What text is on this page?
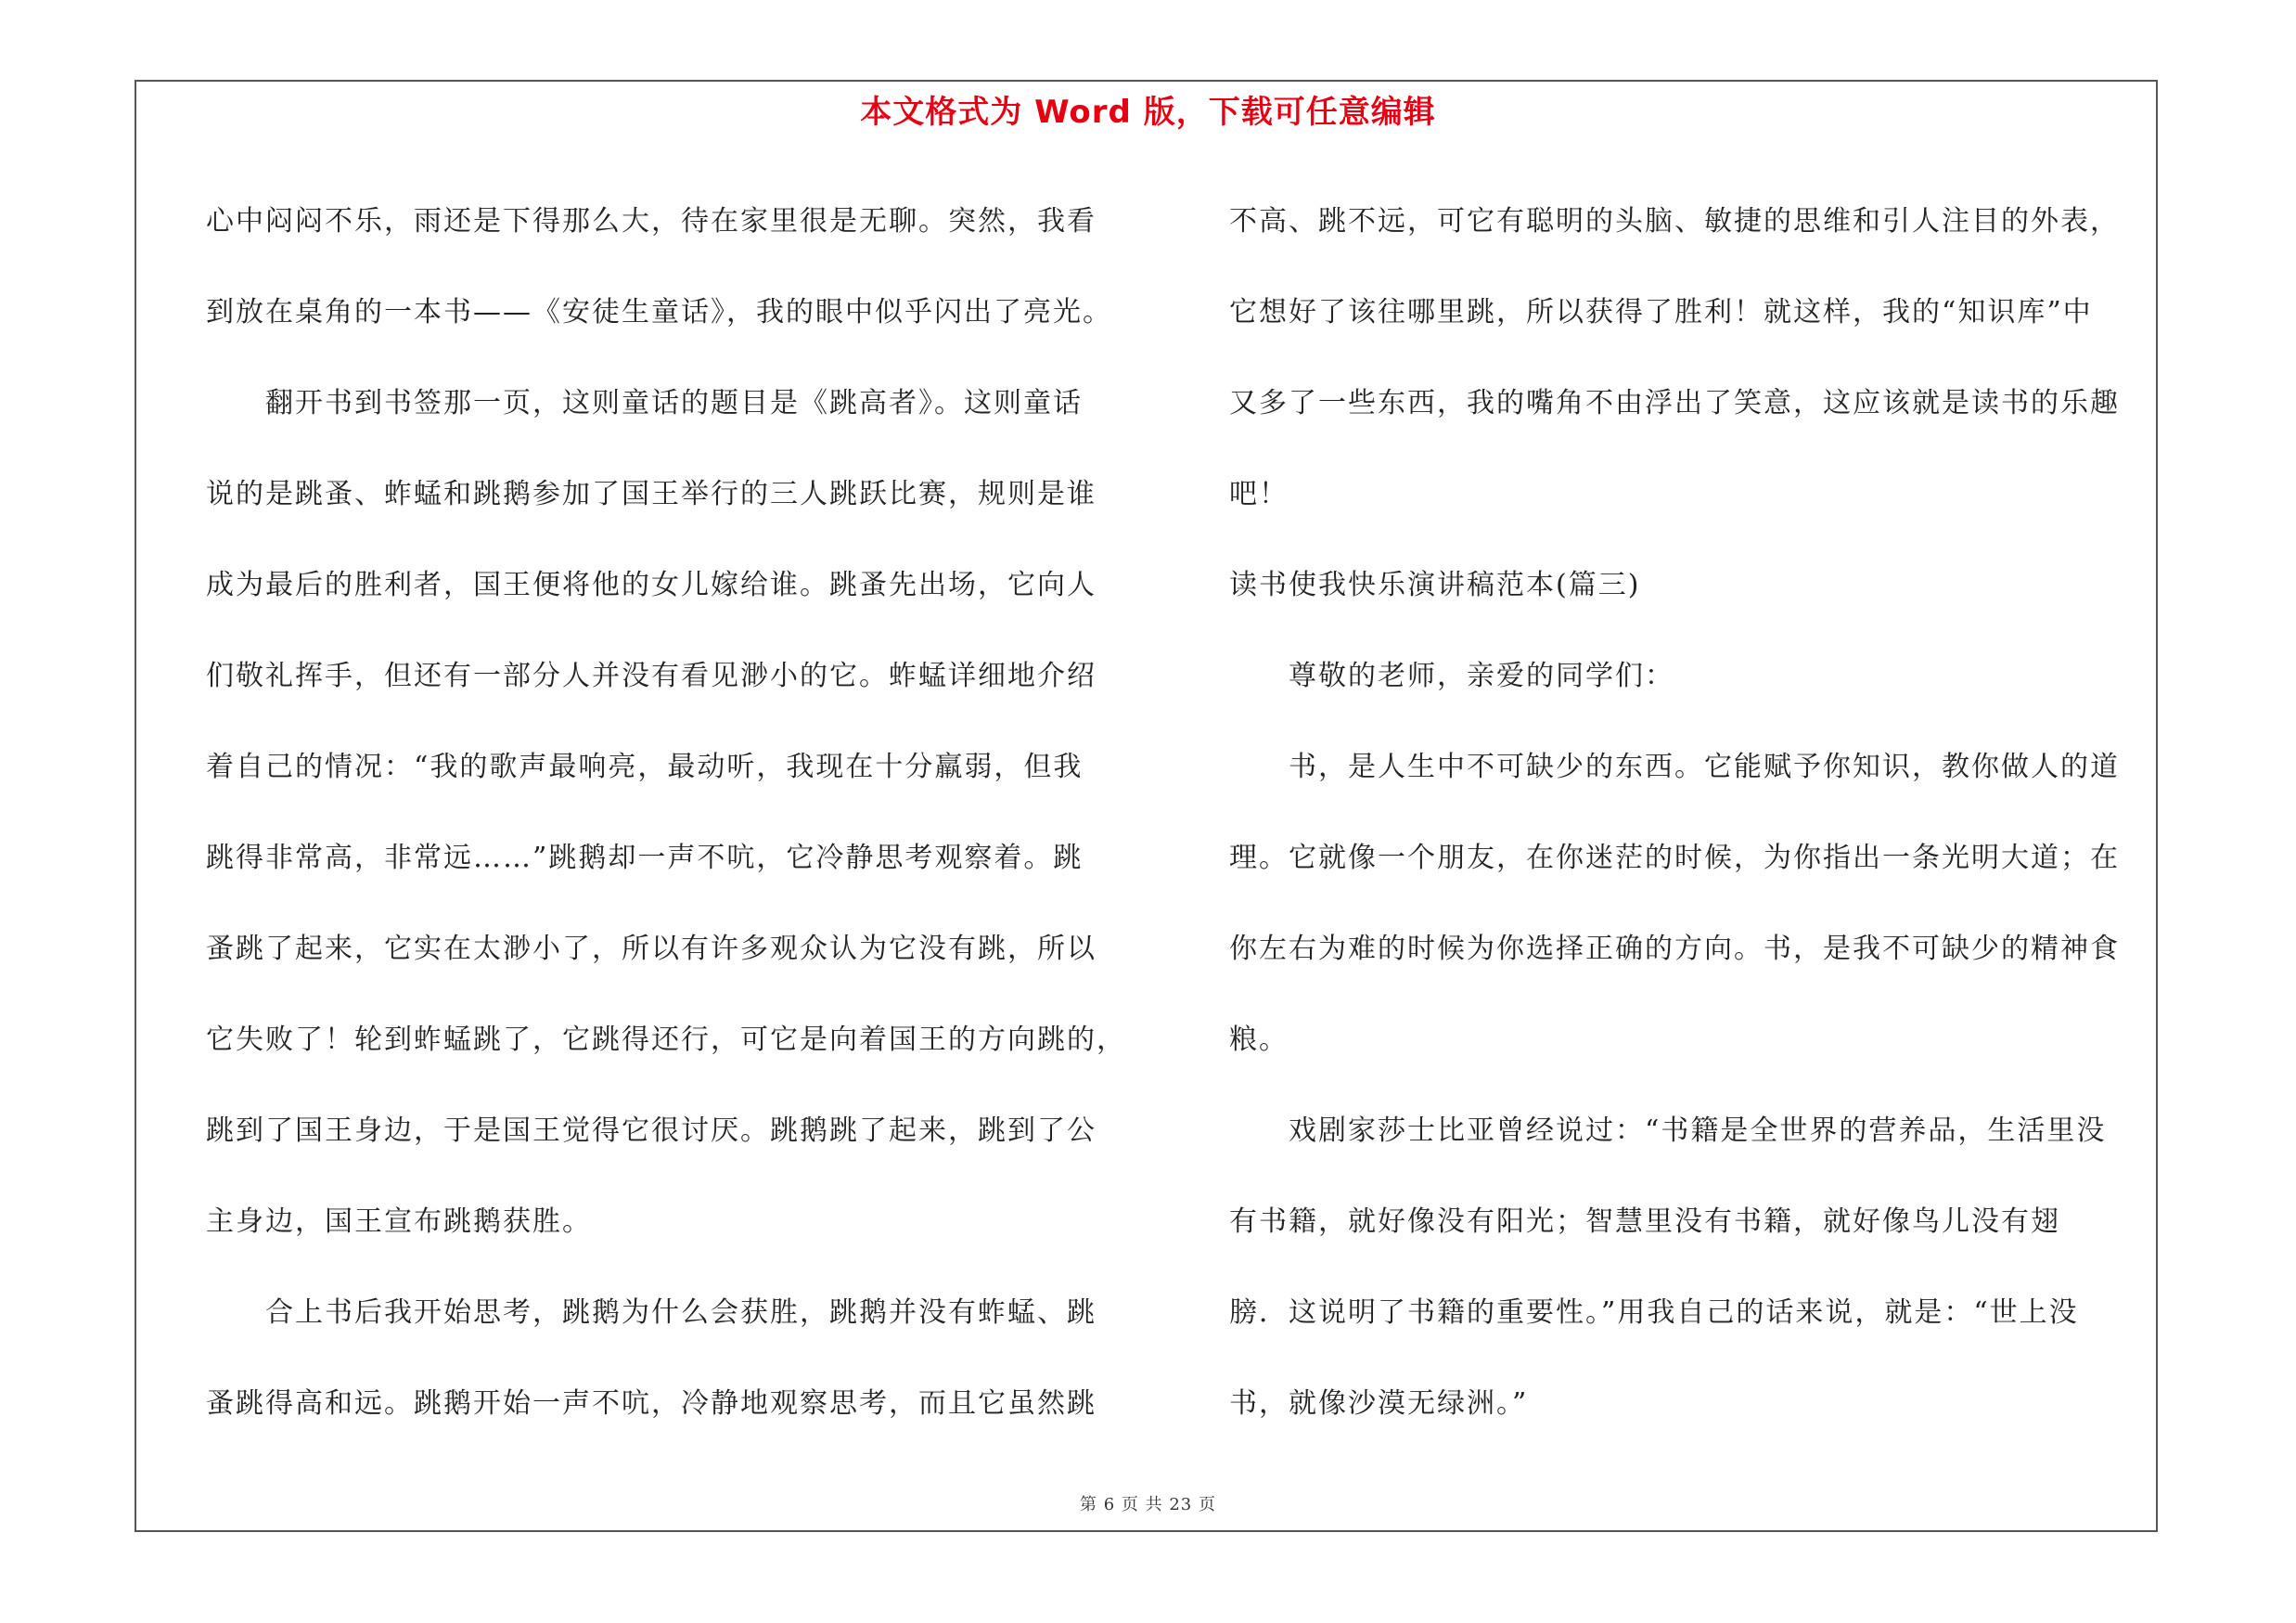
本文格式为 Word 版，下载可任意编辑
心中闷闷不乐，雨还是下得那么大，待在家里很是无聊。突然，我看
到放在桌角的一本书——《安徒生童话》，我的眼中似乎闪出了亮光。
　　翻开书到书签那一页，这则童话的题目是《跳高者》。这则童话
说的是跳蚤、蚱蜢和跳鹅参加了国王举行的三人跳跃比赛，规则是谁
成为最后的胜利者，国王便将他的女儿嫁给谁。跳蚤先出场，它向人
们敬礼挥手，但还有一部分人并没有看见渺小的它。蚱蜢详细地介绍
着自己的情况：“我的歌声最响亮，最动听，我现在十分羸弱，但我
跳得非常高，非常远……”跳鹅却一声不吭，它冷静思考观察着。跳
蚤跳了起来，它实在太渺小了，所以有许多观众认为它没有跳，所以
它失败了！轮到蚱蜢跳了，它跳得还行，可它是向着国王的方向跳的，
跳到了国王身边，于是国王觉得它很讨厌。跳鹅跳了起来，跳到了公
主身边，国王宣布跳鹅获胜。
　　合上书后我开始思考，跳鹅为什么会获胜，跳鹅并没有蚱蜢、跳
蚤跳得高和远。跳鹅开始一声不吭，冷静地观察思考，而且它虽然跳
不高、跳不远，可它有聪明的头脑、敏捷的思维和引人注目的外表，
它想好了该往哪里跳，所以获得了胜利！就这样，我的“知识库”中
又多了一些东西，我的嘴角不由浮出了笑意，这应该就是读书的乐趣
吧！
读书使我快乐演讲稿范本(篇三)
　　尊敬的老师，亲爱的同学们：
　　书，是人生中不可缺少的东西。它能赋予你知识，教你做人的道
理。它就像一个朋友，在你迷茫的时候，为你指出一条光明大道；在
你左右为难的时候为你选择正确的方向。书，是我不可缺少的精神食
粮。
　　戏剧家莎士比亚曾经说过：“书籍是全世界的营养品，生活里没
有书籍，就好像没有阳光；智慧里没有书籍，就好像鸟儿没有翅
膀．这说明了书籍的重要性。”用我自己的话来说，就是：“世上没
书，就像沙漠无绿洲。”
第 6 页 共 23 页
